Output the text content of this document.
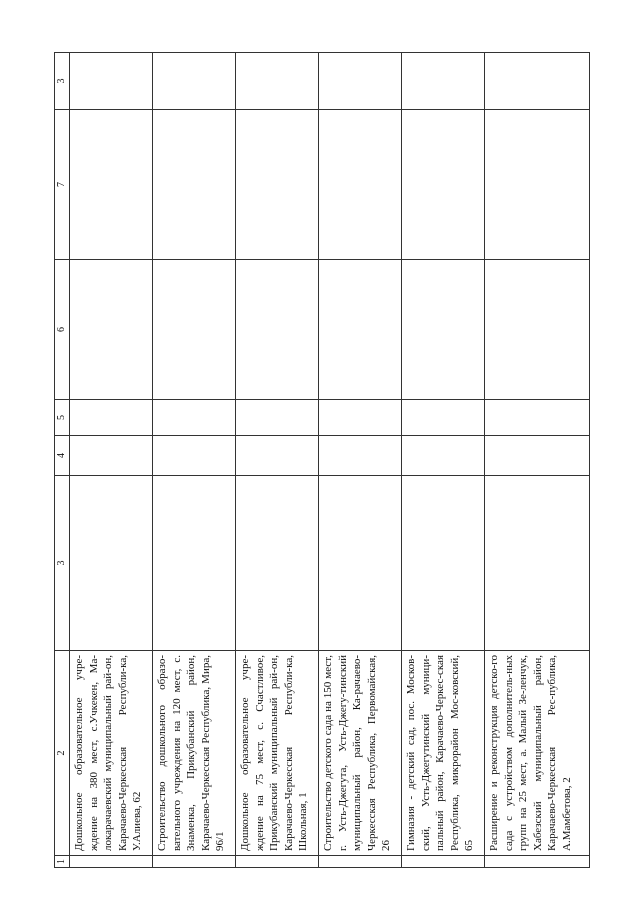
1	2	3	4	5	6	7	3
	Дошкольное образовательное учре-ждение на 380 мест, с.Учкекен, Ма-локарачаевский муниципальный рай-он, Карачаево-Черкесская Республи-ка, У.Алиева, 62						
	Строительство дошкольного образо-вательного учреждения на 120 мест, с. Знаменка, Прикубанский район, Карачаево-Черкесская Республика, Мира, 96/1						
	Дошкольное образовательное учре-ждение на 75 мест, с. Счастливое, Прикубанский муниципальный рай-он, Карачаево-Черкесская Республи-ка, Школьная, 1						
	Строительство детского сада на 150 мест, г. Усть-Джегута, Усть-Джегу-тинский муниципальный район, Ка-рачаево-Черкесская Республика, Первомайская, 26						
	Гимназия - детский сад, пос. Москов-ский, Усть-Джегутинский муници-пальный район, Карачаево-Черкес-ская Республика, микрорайон Мос-ковский, 65						
	Расширение и реконструкция детско-го сада с устройством дополнитель-ных групп на 25 мест, а. Малый Зе-ленчук, Хабезский муниципальный район, Карачаево-Черкесская Рес-публика, А.Мамбетова, 2						
